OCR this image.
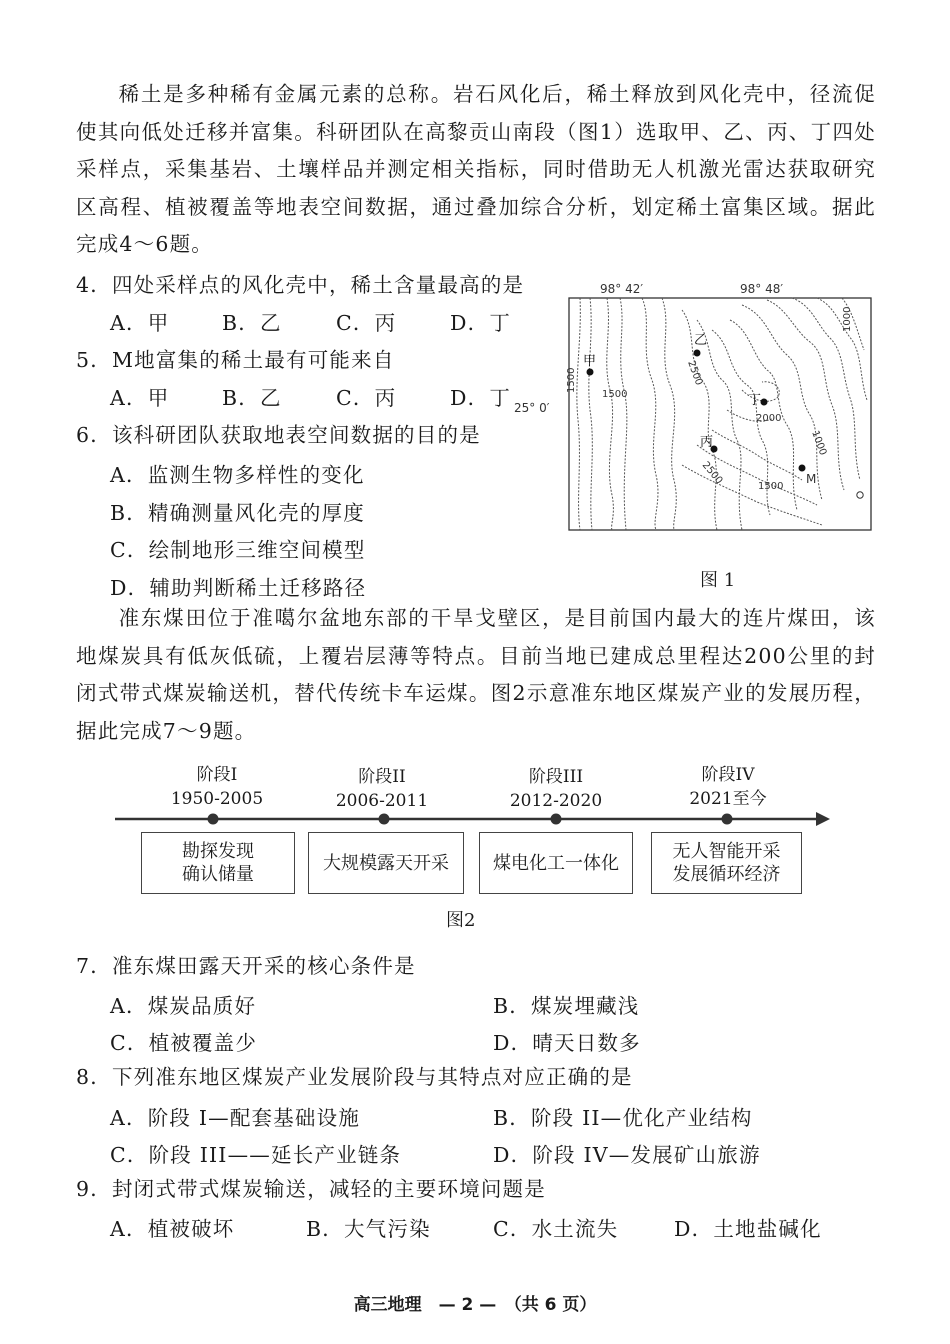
稀土是多种稀有金属元素的总称。岩石风化后，稀土释放到风化壳中，径流促使其向低处迁移并富集。科研团队在高黎贡山南段（图1）选取甲、乙、丙、丁四处采样点，采集基岩、土壤样品并测定相关指标，同时借助无人机激光雷达获取研究区高程、植被覆盖等地表空间数据，通过叠加综合分析，划定稀土富集区域。据此完成4～6题。

4．四处采样点的风化壳中，稀土含量最高的是
A．甲	B．乙	C．丙	D．丁
5．M地富集的稀土最有可能来自
A．甲	B．乙	C．丙	D．丁
6．该科研团队获取地表空间数据的目的是
A．监测生物多样性的变化
B．精确测量风化壳的厚度
C．绘制地形三维空间模型
D．辅助判断稀土迁移路径
98° 42′	98° 48′
25° 0′
1500
1500
2500
2000
2500
1000
1000
1500
甲
乙
丁
丙
M
图 1

准东煤田位于准噶尔盆地东部的干旱戈壁区，是目前国内最大的连片煤田，该地煤炭具有低灰低硫，上覆岩层薄等特点。目前当地已建成总里程达200公里的封闭式带式煤炭输送机，替代传统卡车运煤。图2示意准东地区煤炭产业的发展历程，据此完成7～9题。

阶段I
1950-2005
阶段II
2006-2011
阶段III
2012-2020
阶段IV
2021至今
勘探发现
确认储量
大规模露天开采 煤电化工一体化
无人智能开采
发展循环经济
图2
7．准东煤田露天开采的核心条件是
A．煤炭品质好	B．煤炭埋藏浅
C．植被覆盖少	D．晴天日数多
8．下列准东地区煤炭产业发展阶段与其特点对应正确的是
A．阶段 I—配套基础设施	B．阶段 II—优化产业结构
C．阶段 III——延长产业链条	D．阶段 IV—发展矿山旅游
9．封闭式带式煤炭输送，减轻的主要环境问题是
A．植被破坏	B．大气污染	C．水土流失	D．土地盐碱化
高三地理　— 2 —　（共 6 页）
